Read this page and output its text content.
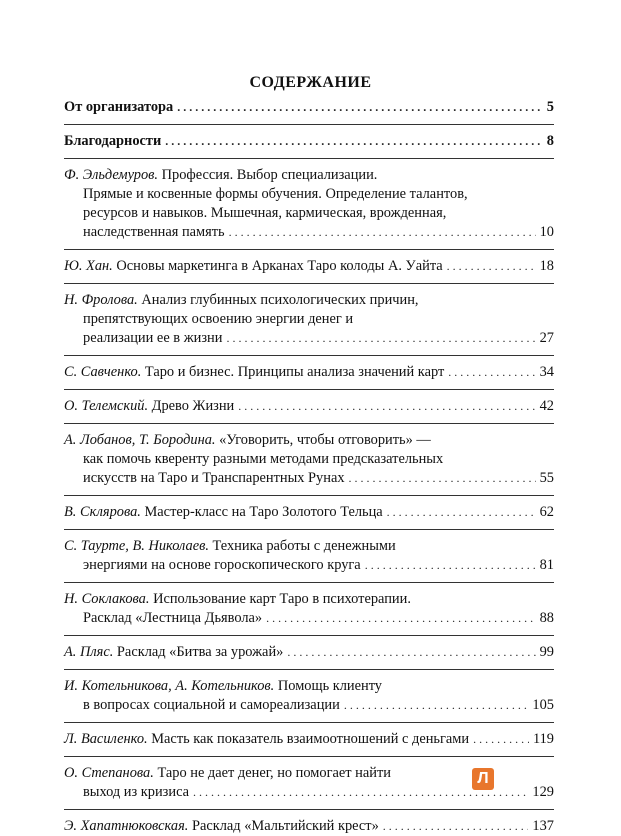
СОДЕРЖАНИЕ
От организатора . . .	5
Благодарности . . .	8
Ф. Эльдемуров. Профессия. Выбор специализации.
Прямые и косвенные формы обучения. Определение талантов,
ресурсов и навыков. Мышечная, кармическая, врожденная,
наследственная память . . .	10
Ю. Хан. Основы маркетинга в Арканах Таро колоды А. Уайта . . .	18
Н. Фролова. Анализ глубинных психологических причин,
препятствующих освоению энергии денег и
реализации ее в жизни . . .	27
С. Савченко. Таро и бизнес. Принципы анализа значений карт . . .	34
О. Телемский. Древо Жизни . . .	42
А. Лобанов, Т. Бородина. «Уговорить, чтобы отговорить» —
как помочь кверенту разными методами предсказательных
искусств на Таро и Транспарентных Рунах . . .	55
В. Склярова. Мастер-класс на Таро Золотого Тельца . . .	62
С. Таурте, В. Николаев. Техника работы с денежными
энергиями на основе гороскопического круга . . .	81
Н. Соклакова. Использование карт Таро в психотерапии.
Расклад «Лестница Дьявола» . . .	88
А. Пляс. Расклад «Битва за урожай» . . .	99
И. Котельникова, А. Котельников. Помощь клиенту
в вопросах социальной и самореализации . . .	105
Л. Василенко. Масть как показатель взаимоотношений с деньгами . . .	119
О. Степанова. Таро не дает денег, но помогает найти
выход из кризиса . . .	129
Э. Хапатнюковская. Расклад «Мальтийский крест» . . .	137
Л
